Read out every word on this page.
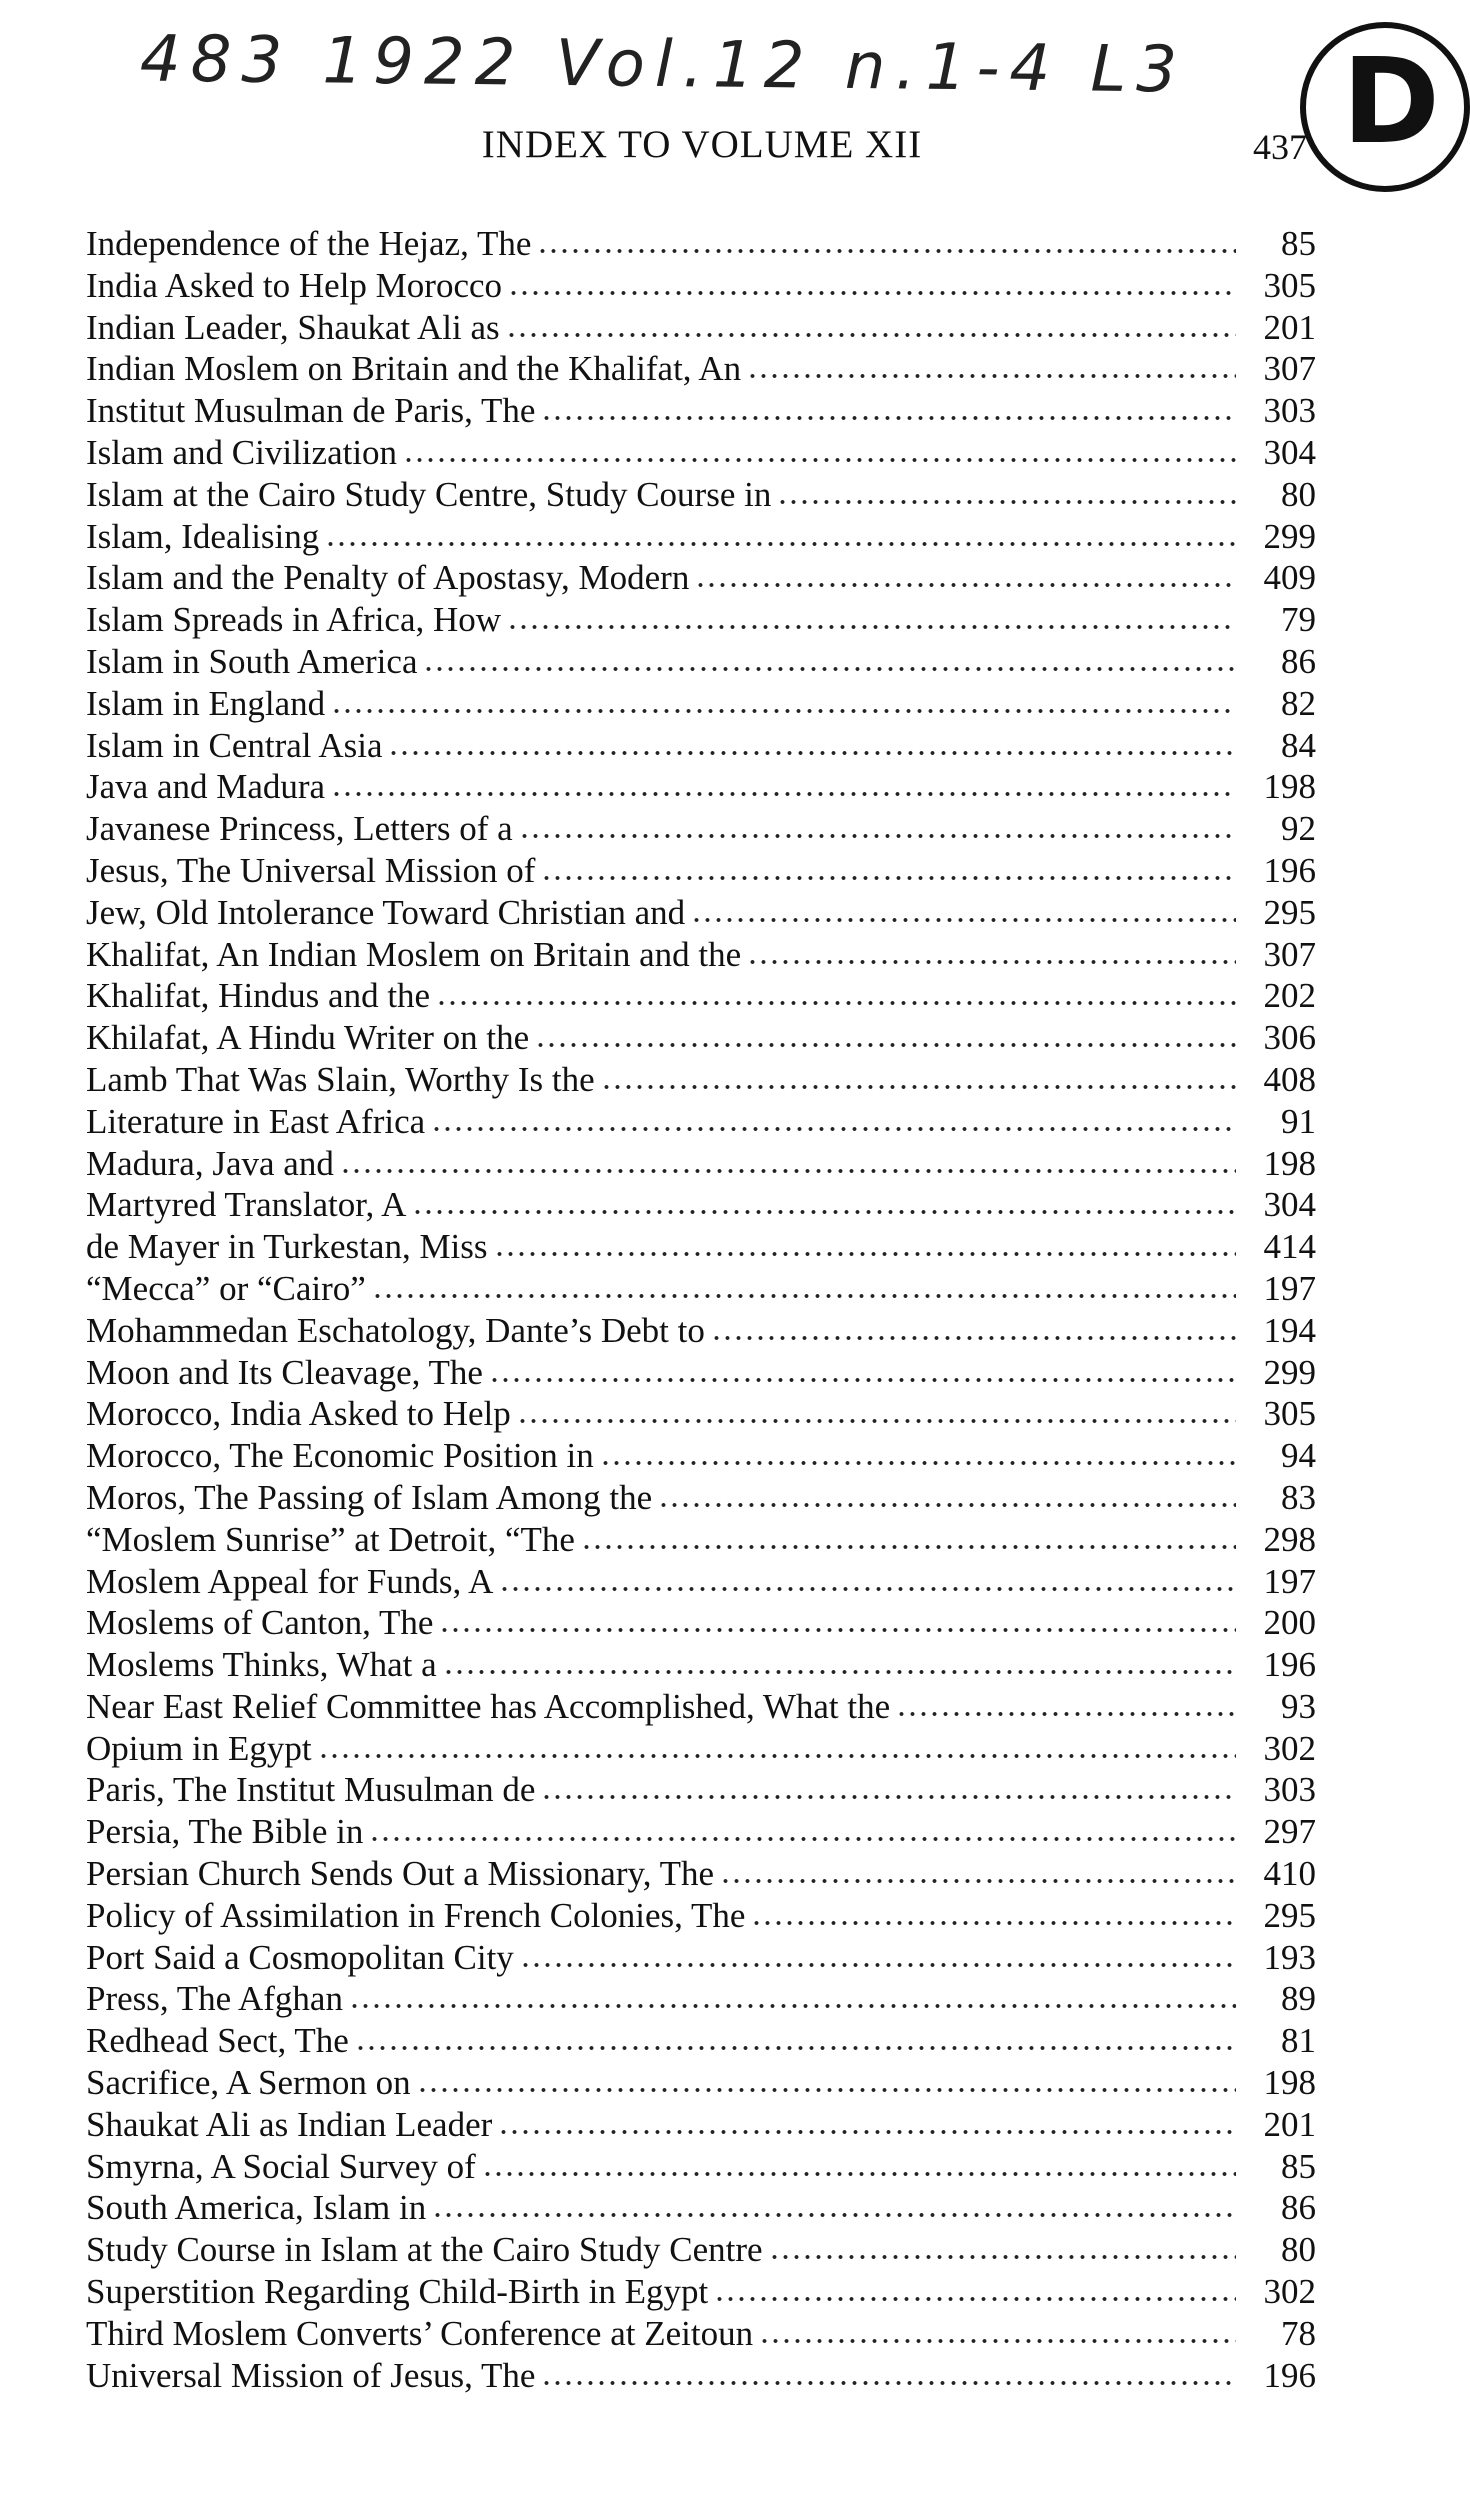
483 1922 Vol.12 n.1-4 L3 D
INDEX TO VOLUME XII	437
Independence of the Hejaz, The	85
India Asked to Help Morocco	305
Indian Leader, Shaukat Ali as	201
Indian Moslem on Britain and the Khalifat, An	307
Institut Musulman de Paris, The	303
Islam and Civilization	304
Islam at the Cairo Study Centre, Study Course in	80
Islam, Idealising	299
Islam and the Penalty of Apostasy, Modern	409
Islam Spreads in Africa, How	79
Islam in South America	86
Islam in England	82
Islam in Central Asia	84
Java and Madura	198
Javanese Princess, Letters of a	92
Jesus, The Universal Mission of	196
Jew, Old Intolerance Toward Christian and	295
Khalifat, An Indian Moslem on Britain and the	307
Khalifat, Hindus and the	202
Khilafat, A Hindu Writer on the	306
Lamb That Was Slain, Worthy Is the	408
Literature in East Africa	91
Madura, Java and	198
Martyred Translator, A	304
de Mayer in Turkestan, Miss	414
“Mecca” or “Cairo”	197
Mohammedan Eschatology, Dante’s Debt to	194
Moon and Its Cleavage, The	299
Morocco, India Asked to Help	305
Morocco, The Economic Position in	94
Moros, The Passing of Islam Among the	83
“Moslem Sunrise” at Detroit, “The	298
Moslem Appeal for Funds, A	197
Moslems of Canton, The	200
Moslems Thinks, What a	196
Near East Relief Committee has Accomplished, What the	93
Opium in Egypt	302
Paris, The Institut Musulman de	303
Persia, The Bible in	297
Persian Church Sends Out a Missionary, The	410
Policy of Assimilation in French Colonies, The	295
Port Said a Cosmopolitan City	193
Press, The Afghan	89
Redhead Sect, The	81
Sacrifice, A Sermon on	198
Shaukat Ali as Indian Leader	201
Smyrna, A Social Survey of	85
South America, Islam in	86
Study Course in Islam at the Cairo Study Centre	80
Superstition Regarding Child-Birth in Egypt	302
Third Moslem Converts’ Conference at Zeitoun	78
Universal Mission of Jesus, The	196
